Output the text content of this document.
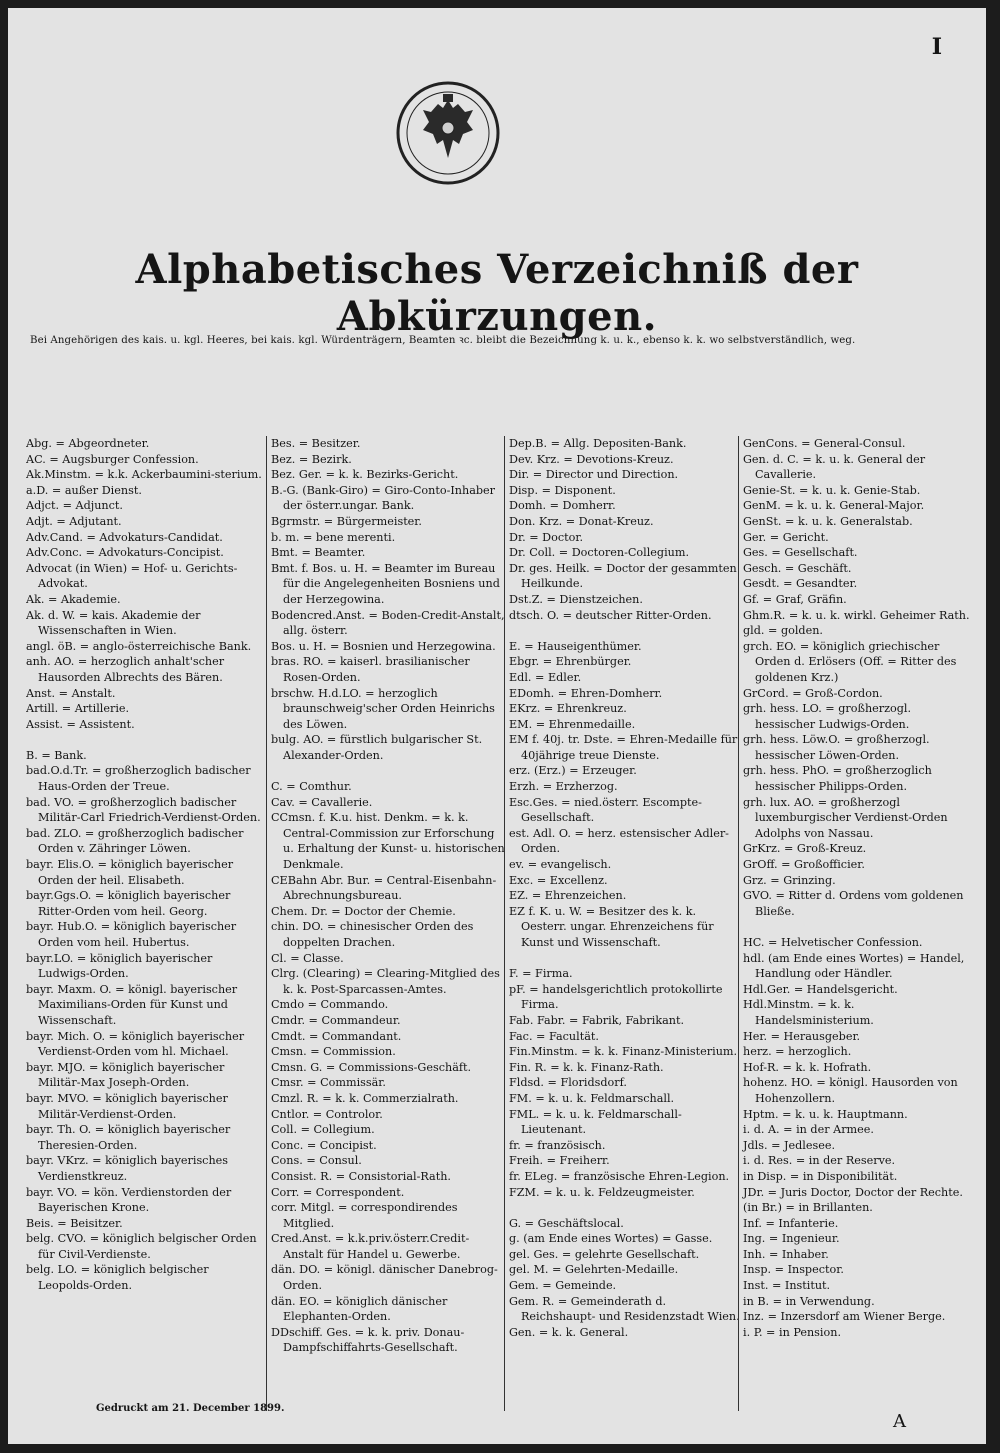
I
Alphabetisches Verzeichniß der Abkürzungen.
Bei Angehörigen des kais. u. kgl. Heeres, bei kais. kgl. Würdenträgern, Beamten ꝛc. bleibt die Bezeichnung k. u. k., ebenso k. k. wo selbstverständlich, weg.
Abg. = Abgeordneter.
AC. = Augsburger Confession.
Ak.Minstm. = k.k. Ackerbaumini-sterium.
a.D. = außer Dienst.
Adjct. = Adjunct.
Adjt. = Adjutant.
Adv.Cand. = Advokaturs-Candidat.
Adv.Conc. = Advokaturs-Concipist.
Advocat (in Wien) = Hof- u. Gerichts-Advokat.
Ak. = Akademie.
Ak. d. W. = kais. Akademie der Wissenschaften in Wien.
angl. öB. = anglo-österreichische Bank.
anh. AO. = herzoglich anhalt'scher Hausorden Albrechts des Bären.
Anst. = Anstalt.
Artill. = Artillerie.
Assist. = Assistent.
B. = Bank.
bad.O.d.Tr. = großherzoglich badischer Haus-Orden der Treue.
bad. VO. = großherzoglich badischer Militär-Carl Friedrich-Verdienst-Orden.
bad. ZLO. = großherzoglich badischer Orden v. Zähringer Löwen.
bayr. Elis.O. = königlich bayerischer Orden der heil. Elisabeth.
bayr.Ggs.O. = königlich bayerischer Ritter-Orden vom heil. Georg.
bayr. Hub.O. = königlich bayerischer Orden vom heil. Hubertus.
bayr.LO. = königlich bayerischer Ludwigs-Orden.
bayr. Maxm. O. = königl. bayerischer Maximilians-Orden für Kunst und Wissenschaft.
bayr. Mich. O. = königlich bayerischer Verdienst-Orden vom hl. Michael.
bayr. MJO. = königlich bayerischer Militär-Max Joseph-Orden.
bayr. MVO. = königlich bayerischer Militär-Verdienst-Orden.
bayr. Th. O. = königlich bayerischer Theresien-Orden.
bayr. VKrz. = königlich bayerisches Verdienstkreuz.
bayr. VO. = kön. Verdienstorden der Bayerischen Krone.
Beis. = Beisitzer.
belg. CVO. = königlich belgischer Orden für Civil-Verdienste.
belg. LO. = königlich belgischer Leopolds-Orden.
Bes. = Besitzer.
Bez. = Bezirk.
Bez. Ger. = k. k. Bezirks-Gericht.
B.-G. (Bank-Giro) = Giro-Conto-Inhaber der österr.ungar. Bank.
Bgrmstr. = Bürgermeister.
b. m. = bene merenti.
Bmt. = Beamter.
Bmt. f. Bos. u. H. = Beamter im Bureau für die Angelegenheiten Bosniens und der Herzegowina.
Bodencred.Anst. = Boden-Credit-Anstalt, allg. österr.
Bos. u. H. = Bosnien und Herzegowina.
bras. RO. = kaiserl. brasilianischer Rosen-Orden.
brschw. H.d.LO. = herzoglich braunschweig'scher Orden Heinrichs des Löwen.
bulg. AO. = fürstlich bulgarischer St. Alexander-Orden.
C. = Comthur.
Cav. = Cavallerie.
CCmsn. f. K.u. hist. Denkm. = k. k. Central-Commission zur Erforschung u. Erhaltung der Kunst- u. historischen Denkmale.
CEBahn Abr. Bur. = Central-Eisenbahn-Abrechnungsbureau.
Chem. Dr. = Doctor der Chemie.
chin. DO. = chinesischer Orden des doppelten Drachen.
Cl. = Classe.
Clrg. (Clearing) = Clearing-Mitglied des k. k. Post-Sparcassen-Amtes.
Cmdo = Commando.
Cmdr. = Commandeur.
Cmdt. = Commandant.
Cmsn. = Commission.
Cmsn. G. = Commissions-Geschäft.
Cmsr. = Commissär.
Cmzl. R. = k. k. Commerzialrath.
Cntlor. = Controlor.
Coll. = Collegium.
Conc. = Concipist.
Cons. = Consul.
Consist. R. = Consistorial-Rath.
Corr. = Correspondent.
corr. Mitgl. = correspondirendes Mitglied.
Cred.Anst. = k.k.priv.österr.Credit-Anstalt für Handel u. Gewerbe.
dän. DO. = königl. dänischer Danebrog-Orden.
dän. EO. = königlich dänischer Elephanten-Orden.
DDschiff. Ges. = k. k. priv. Donau-Dampfschiffahrts-Gesellschaft.
Dep.B. = Allg. Depositen-Bank.
Dev. Krz. = Devotions-Kreuz.
Dir. = Director und Direction.
Disp. = Disponent.
Domh. = Domherr.
Don. Krz. = Donat-Kreuz.
Dr. = Doctor.
Dr. Coll. = Doctoren-Collegium.
Dr. ges. Heilk. = Doctor der gesammten Heilkunde.
Dst.Z. = Dienstzeichen.
dtsch. O. = deutscher Ritter-Orden.
E. = Hauseigenthümer.
Ebgr. = Ehrenbürger.
Edl. = Edler.
EDomh. = Ehren-Domherr.
EKrz. = Ehrenkreuz.
EM. = Ehrenmedaille.
EM f. 40j. tr. Dste. = Ehren-Medaille für 40jährige treue Dienste.
erz. (Erz.) = Erzeuger.
Erzh. = Erzherzog.
Esc.Ges. = nied.österr. Escompte-Gesellschaft.
est. Adl. O. = herz. estensischer Adler-Orden.
ev. = evangelisch.
Exc. = Excellenz.
EZ. = Ehrenzeichen.
EZ f. K. u. W. = Besitzer des k. k. Oesterr. ungar. Ehrenzeichens für Kunst und Wissenschaft.
F. = Firma.
pF. = handelsgerichtlich protokollirte Firma.
Fab. Fabr. = Fabrik, Fabrikant.
Fac. = Facultät.
Fin.Minstm. = k. k. Finanz-Ministerium.
Fin. R. = k. k. Finanz-Rath.
Fldsd. = Floridsdorf.
FM. = k. u. k. Feldmarschall.
FML. = k. u. k. Feldmarschall-Lieutenant.
fr. = französisch.
Freih. = Freiherr.
fr. ELeg. = französische Ehren-Legion.
FZM. = k. u. k. Feldzeugmeister.
G. = Geschäftslocal.
g. (am Ende eines Wortes) = Gasse.
gel. Ges. = gelehrte Gesellschaft.
gel. M. = Gelehrten-Medaille.
Gem. = Gemeinde.
Gem. R. = Gemeinderath d. Reichshaupt- und Residenzstadt Wien.
Gen. = k. k. General.
GenCons. = General-Consul.
Gen. d. C. = k. u. k. General der Cavallerie.
Genie-St. = k. u. k. Genie-Stab.
GenM. = k. u. k. General-Major.
GenSt. = k. u. k. Generalstab.
Ger. = Gericht.
Ges. = Gesellschaft.
Gesch. = Geschäft.
Gesdt. = Gesandter.
Gf. = Graf, Gräfin.
Ghm.R. = k. u. k. wirkl. Geheimer Rath.
gld. = golden.
grch. EO. = königlich griechischer Orden d. Erlösers (Off. = Ritter des goldenen Krz.)
GrCord. = Groß-Cordon.
grh. hess. LO. = großherzogl. hessischer Ludwigs-Orden.
grh. hess. Löw.O. = großherzogl. hessischer Löwen-Orden.
grh. hess. PhO. = großherzoglich hessischer Philipps-Orden.
grh. lux. AO. = großherzogl luxemburgischer Verdienst-Orden Adolphs von Nassau.
GrKrz. = Groß-Kreuz.
GrOff. = Großofficier.
Grz. = Grinzing.
GVO. = Ritter d. Ordens vom goldenen Bließe.
HC. = Helvetischer Confession.
hdl. (am Ende eines Wortes) = Handel, Handlung oder Händler.
Hdl.Ger. = Handelsgericht.
Hdl.Minstm. = k. k. Handelsministerium.
Her. = Herausgeber.
herz. = herzoglich.
Hof-R. = k. k. Hofrath.
hohenz. HO. = königl. Hausorden von Hohenzollern.
Hptm. = k. u. k. Hauptmann.
i. d. A. = in der Armee.
Jdls. = Jedlesee.
i. d. Res. = in der Reserve.
in Disp. = in Disponibilität.
JDr. = Juris Doctor, Doctor der Rechte.
(in Br.) = in Brillanten.
Inf. = Infanterie.
Ing. = Ingenieur.
Inh. = Inhaber.
Insp. = Inspector.
Inst. = Institut.
in B. = in Verwendung.
Inz. = Inzersdorf am Wiener Berge.
i. P. = in Pension.
Gedruckt am 21. December 1899.
A
